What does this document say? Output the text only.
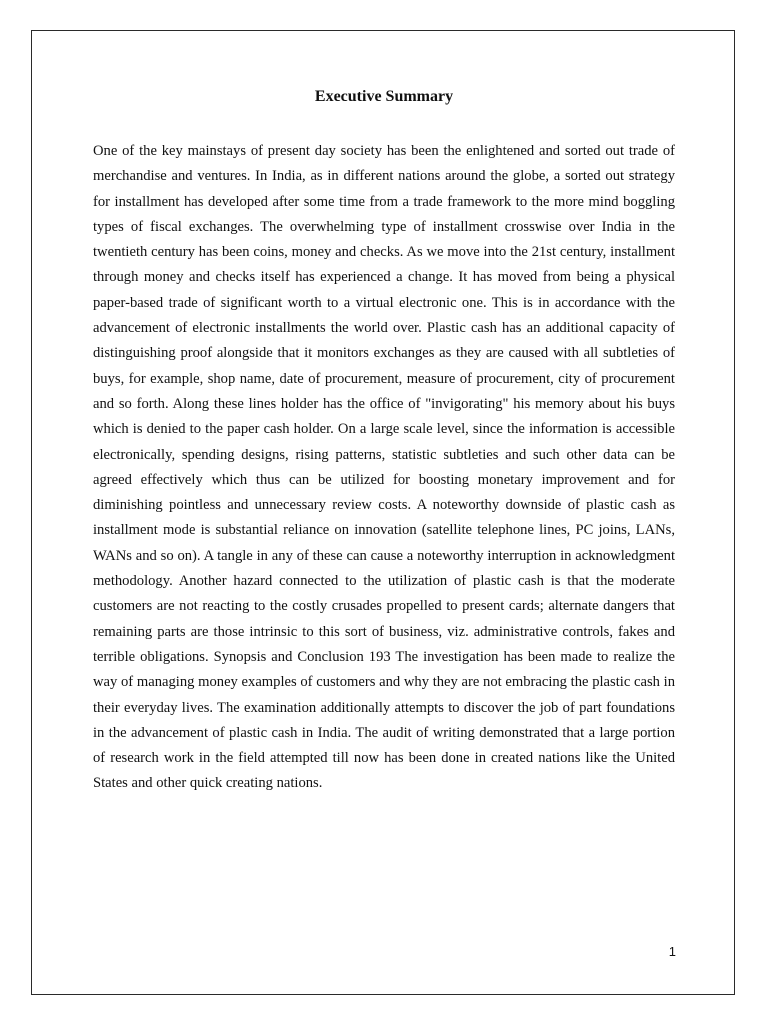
Executive Summary

One of the key mainstays of present day society has been the enlightened and sorted out trade of merchandise and ventures. In India, as in different nations around the globe, a sorted out strategy for installment has developed after some time from a trade framework to the more mind boggling types of fiscal exchanges. The overwhelming type of installment crosswise over India in the twentieth century has been coins, money and checks. As we move into the 21st century, installment through money and checks itself has experienced a change. It has moved from being a physical paper-based trade of significant worth to a virtual electronic one. This is in accordance with the advancement of electronic installments the world over. Plastic cash has an additional capacity of distinguishing proof alongside that it monitors exchanges as they are caused with all subtleties of buys, for example, shop name, date of procurement, measure of procurement, city of procurement and so forth. Along these lines holder has the office of "invigorating" his memory about his buys which is denied to the paper cash holder. On a large scale level, since the information is accessible electronically, spending designs, rising patterns, statistic subtleties and such other data can be agreed effectively which thus can be utilized for boosting monetary improvement and for diminishing pointless and unnecessary review costs. A noteworthy downside of plastic cash as installment mode is substantial reliance on innovation (satellite telephone lines, PC joins, LANs, WANs and so on). A tangle in any of these can cause a noteworthy interruption in acknowledgment methodology. Another hazard connected to the utilization of plastic cash is that the moderate customers are not reacting to the costly crusades propelled to present cards; alternate dangers that remaining parts are those intrinsic to this sort of business, viz. administrative controls, fakes and terrible obligations. Synopsis and Conclusion 193 The investigation has been made to realize the way of managing money examples of customers and why they are not embracing the plastic cash in their everyday lives. The examination additionally attempts to discover the job of part foundations in the advancement of plastic cash in India. The audit of writing demonstrated that a large portion of research work in the field attempted till now has been done in created nations like the United States and other quick creating nations.

1
